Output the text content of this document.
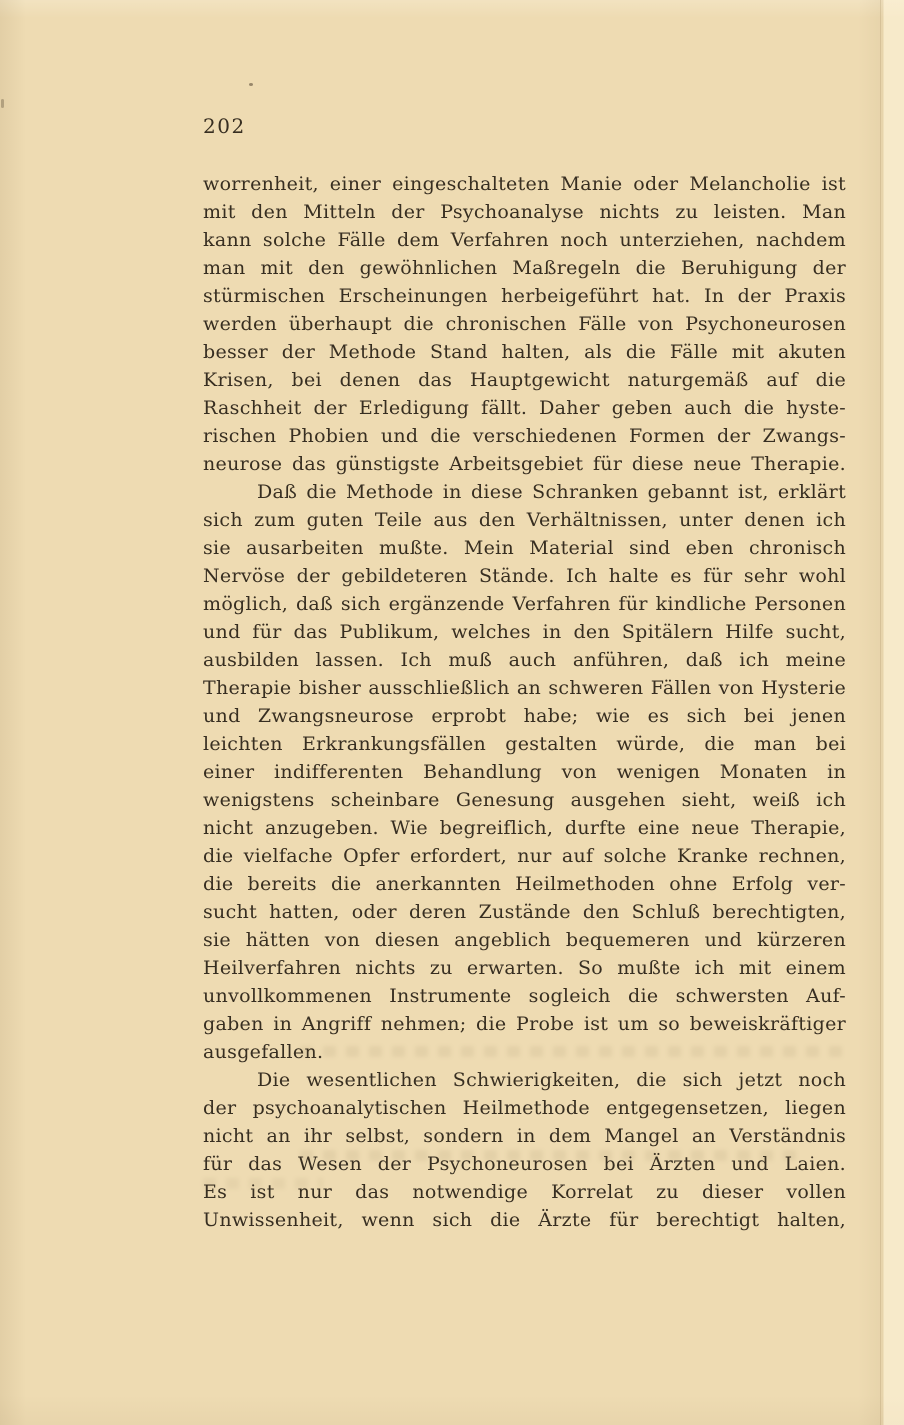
202
worrenheit, einer eingeschalteten Manie oder Melancholie ist
mit den Mitteln der Psychoanalyse nichts zu leisten. Man
kann solche Fälle dem Verfahren noch unterziehen, nachdem
man mit den gewöhnlichen Maßregeln die Beruhigung der
stürmischen Erscheinungen herbeigeführt hat. In der Praxis
werden überhaupt die chronischen Fälle von Psychoneurosen
besser der Methode Stand halten, als die Fälle mit akuten
Krisen, bei denen das Hauptgewicht naturgemäß auf die
Raschheit der Erledigung fällt. Daher geben auch die hyste-
rischen Phobien und die verschiedenen Formen der Zwangs-
neurose das günstigste Arbeitsgebiet für diese neue Therapie.
Daß die Methode in diese Schranken gebannt ist, erklärt
sich zum guten Teile aus den Verhältnissen, unter denen ich
sie ausarbeiten mußte. Mein Material sind eben chronisch
Nervöse der gebildeteren Stände. Ich halte es für sehr wohl
möglich, daß sich ergänzende Verfahren für kindliche Personen
und für das Publikum, welches in den Spitälern Hilfe sucht,
ausbilden lassen. Ich muß auch anführen, daß ich meine
Therapie bisher ausschließlich an schweren Fällen von Hysterie
und Zwangsneurose erprobt habe; wie es sich bei jenen
leichten Erkrankungsfällen gestalten würde, die man bei
einer indifferenten Behandlung von wenigen Monaten in
wenigstens scheinbare Genesung ausgehen sieht, weiß ich
nicht anzugeben. Wie begreiflich, durfte eine neue Therapie,
die vielfache Opfer erfordert, nur auf solche Kranke rechnen,
die bereits die anerkannten Heilmethoden ohne Erfolg ver-
sucht hatten, oder deren Zustände den Schluß berechtigten,
sie hätten von diesen angeblich bequemeren und kürzeren
Heilverfahren nichts zu erwarten. So mußte ich mit einem
unvollkommenen Instrumente sogleich die schwersten Auf-
gaben in Angriff nehmen; die Probe ist um so beweiskräftiger
ausgefallen.
Die wesentlichen Schwierigkeiten, die sich jetzt noch
der psychoanalytischen Heilmethode entgegensetzen, liegen
nicht an ihr selbst, sondern in dem Mangel an Verständnis
für das Wesen der Psychoneurosen bei Ärzten und Laien.
Es ist nur das notwendige Korrelat zu dieser vollen
Unwissenheit, wenn sich die Ärzte für berechtigt halten,
